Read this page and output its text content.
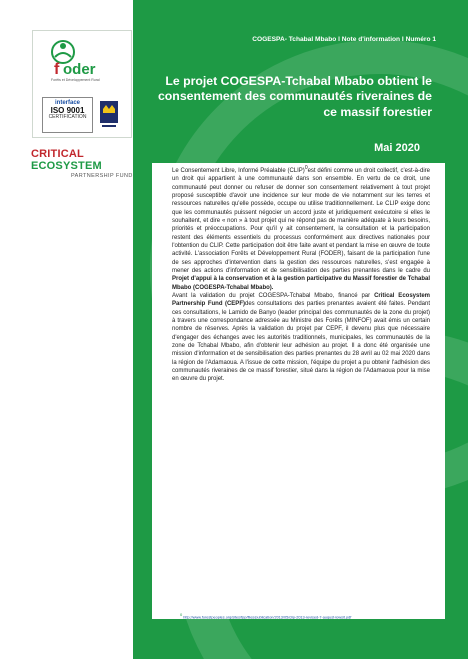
f oder
Forêts et Développement Rural
interface
ISO 9001
CERTIFICATION
CRITICAL ECOSYSTEM
PARTNERSHIP FUND
COGESPA- Tchabal Mbabo I Note d'information I Numéro 1
Le projet COGESPA-Tchabal Mbabo obtient le consentement des communautés riveraines de ce massif forestier
Mai 2020

Le Consentement Libre, Informé Préalable (CLIP)$^0$est défini comme un droit collectif, c'est-à-dire un droit qui appartient à une communauté dans son ensemble. En vertu de ce droit, une communauté peut donner ou refuser de donner son consentement relativement à tout projet proposé susceptible d'avoir une incidence sur leur mode de vie notamment sur les terres et ressources naturelles qu'elle possède, occupe ou utilise traditionnellement. Le CLIP exige donc que les communautés puissent négocier un accord juste et juridiquement exécutoire si elles le souhaitent, et dire « non » à tout projet qui ne répond pas de manière adéquate à leurs besoins, priorités et préoccupations. Pour qu'il y ait consentement, la consultation et la participation restent des éléments essentiels du processus conformément aux directives nationales pour l'obtention du CLIP. Cette participation doit être faite avant et pendant la mise en œuvre de toute activité. L'association Forêts et Développement Rural (FODER), faisant de la participation l'une de ses approches d'intervention dans la gestion des ressources naturelles, s'est engagée à mener des actions d'information et de sensibilisation des parties prenantes dans le cadre du Projet d'appui à la conservation et à la gestion participative du Massif forestier de Tchabal Mbabo (COGESPA-Tchabal Mbabo).

Avant la validation du projet COGESPA-Tchabal Mbabo, financé par Critical Ecosystem Partnership Fund (CEPF)des consultations des parties prenantes avaient été faites. Pendant ces consultations, le Lamido de Banyo (leader principal des communautés de la zone du projet) à travers une correspondance adressée au Ministre des Forêts (MINFOF) avait émis un certain nombre de réserves. Après la validation du projet par CEPF, il devenu plus que nécessaire d'engager des échanges avec les autorités traditionnels, municipales, les communautés de la zone de Tchabal Mbabo, afin d'obtenir leur adhésion au projet. Il a donc été organisée une mission d'information et de sensibilisation des parties prenantes du 28 avril au 02 mai 2020 dans la région de l'Adamaoua. A l'issue de cette mission, l'équipe du projet a pu obtenir l'adhésion des communautés riveraines de ce massif forestier, situé dans la région de l'Adamaoua pour la mise en œuvre du projet.

$^0$ http://www.forestpeoples.org/sites/fpp/files/publication/2013/05/clip-2013-revised-7-august-lowsit.pdf
